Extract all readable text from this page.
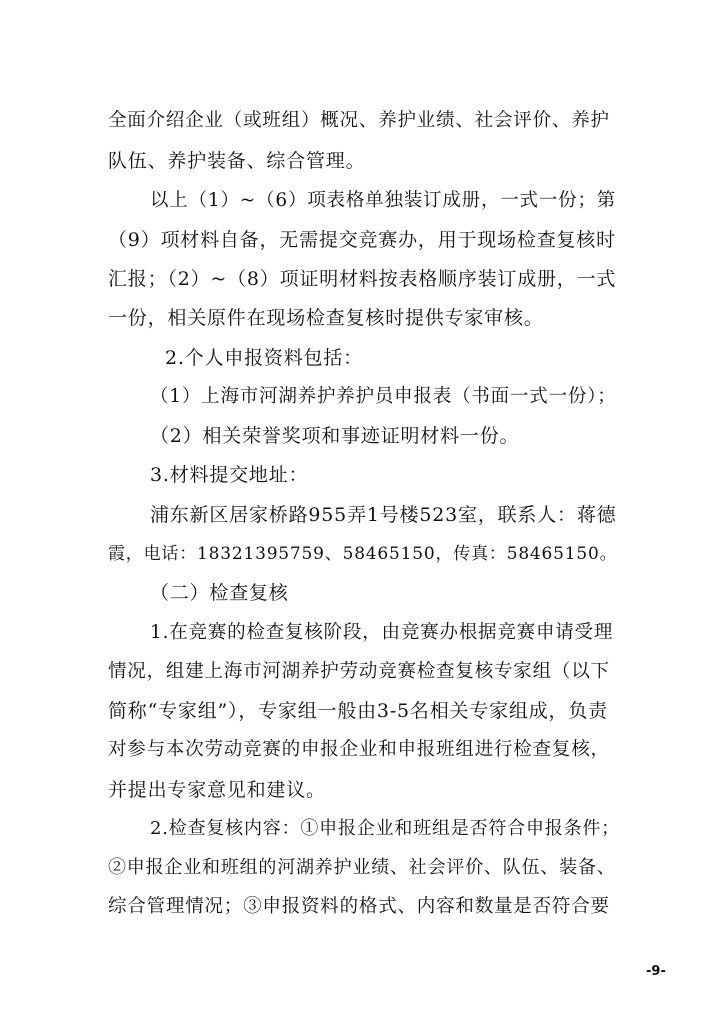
全面介绍企业（或班组）概况、养护业绩、社会评价、养护
队伍、养护装备、综合管理。
以上（1）~（6）项表格单独装订成册，一式一份；第
（9）项材料自备，无需提交竞赛办，用于现场检查复核时
汇报；（2）~（8）项证明材料按表格顺序装订成册，一式
一份，相关原件在现场检查复核时提供专家审核。
2.个人申报资料包括：
（1）上海市河湖养护养护员申报表（书面一式一份）；
（2）相关荣誉奖项和事迹证明材料一份。
3.材料提交地址：
浦东新区居家桥路955弄1号楼523室，联系人：蒋德
霞，电话：18321395759、58465150，传真：58465150。
（二）检查复核
1.在竞赛的检查复核阶段，由竞赛办根据竞赛申请受理
情况，组建上海市河湖养护劳动竞赛检查复核专家组（以下
简称“专家组”），专家组一般由3-5名相关专家组成，负责
对参与本次劳动竞赛的申报企业和申报班组进行检查复核，
并提出专家意见和建议。
2.检查复核内容：①申报企业和班组是否符合申报条件；
②申报企业和班组的河湖养护业绩、社会评价、队伍、装备、
综合管理情况；③申报资料的格式、内容和数量是否符合要
-9-
